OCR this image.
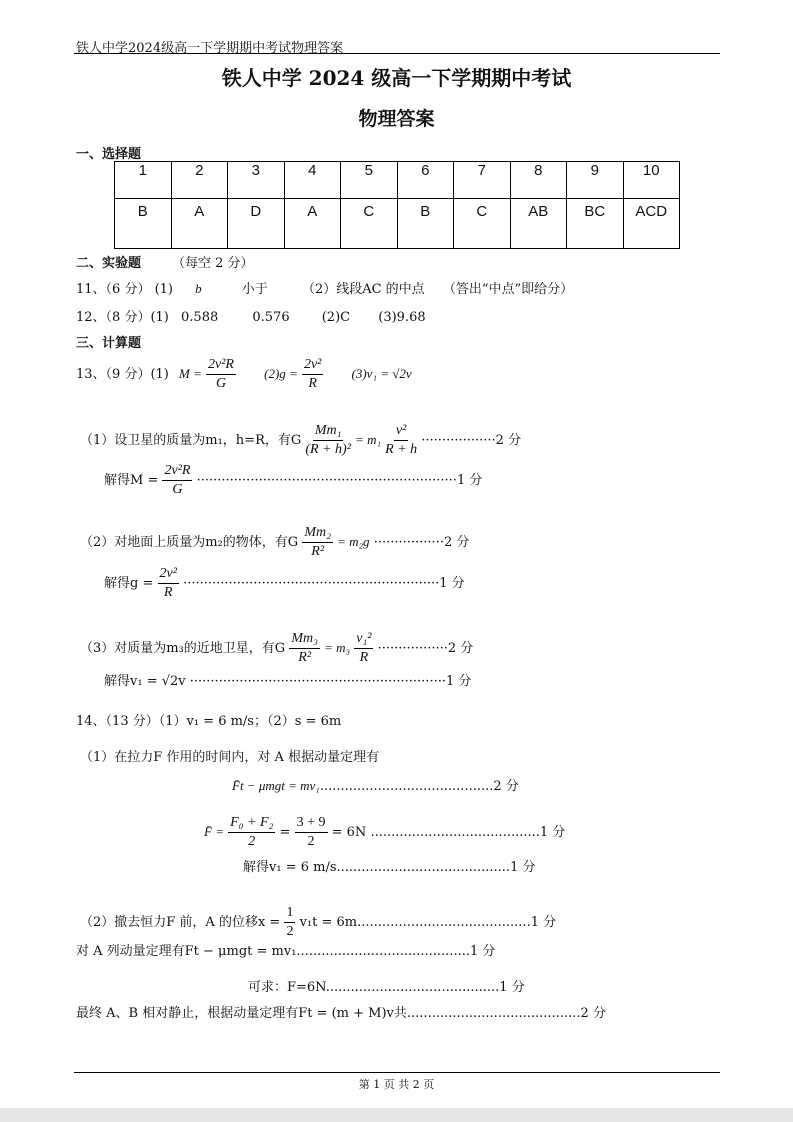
铁人中学2024级高一下学期期中考试物理答案
铁人中学 2024 级高一下学期期中考试
物理答案
一、选择题
1	2	3	4	5	6	7	8	9	10
B	A	D	A	C	B	C	AB	BC	ACD
二、实验题 （每空 2 分）
11、（6 分） (1) b	小于	（2）线段AC 的中点 （答出“中点”即给分）
12、（8 分）(1) 0.588	0.576 (2)C (3)9.68
三、计算题
13、（9 分）(1) $M = \frac{\text{2v²R}}{G} (2)g = \frac{\text{2v²}}{R} (3)v_1 = √2v$
（1）设卫星的质量为m₁，h=R，有G $\frac{\text{Mm₁}}{\text{(R + h)²}} = m_1 \frac{\text{v²}}{R + h} \cdot\cdot\cdot\cdot\cdot\cdot\cdot\cdot\cdot\cdot\cdot\cdot\cdot\cdot\cdot\cdot\cdot\cdot 2$ 分
解得$M = \frac{\text{2v²R}}{G} \cdot\cdot\cdot\cdot\cdot\cdot\cdot\cdot\cdot\cdot\cdot\cdot\cdot\cdot\cdot\cdot\cdot\cdot\cdot\cdot\cdot\cdot\cdot\cdot\cdot\cdot\cdot\cdot\cdot\cdot\cdot\cdot\cdot\cdot\cdot\cdot\cdot\cdot\cdot\cdot\cdot\cdot\cdot\cdot\cdot\cdot\cdot\cdot\cdot\cdot\cdot\cdot\cdot\cdot\cdot\cdot\cdot\cdot\cdot\cdot\cdot\cdot\cdot 1$ 分
（2）对地面上质量为m₂的物体，有G $\frac{\text{Mm₂}}{\text{R²}} = m_2g \cdot\cdot\cdot\cdot\cdot\cdot\cdot\cdot\cdot\cdot\cdot\cdot\cdot\cdot\cdot\cdot\cdot 2$ 分
解得$g = \frac{\text{2v²}}{R} \cdot\cdot\cdot\cdot\cdot\cdot\cdot\cdot\cdot\cdot\cdot\cdot\cdot\cdot\cdot\cdot\cdot\cdot\cdot\cdot\cdot\cdot\cdot\cdot\cdot\cdot\cdot\cdot\cdot\cdot\cdot\cdot\cdot\cdot\cdot\cdot\cdot\cdot\cdot\cdot\cdot\cdot\cdot\cdot\cdot\cdot\cdot\cdot\cdot\cdot\cdot\cdot\cdot\cdot\cdot\cdot\cdot\cdot\cdot\cdot\cdot\cdot 1$ 分
（3）对质量为m₃的近地卫星，有G $\frac{\text{Mm₃}}{\text{R²}} = m_3 \frac{\text{v₁²}}{R} \cdot\cdot\cdot\cdot\cdot\cdot\cdot\cdot\cdot\cdot\cdot\cdot\cdot\cdot\cdot\cdot\cdot 2$ 分
解得v₁ = √2v ······························································1 分
14、（13 分）（1）v₁ = 6 m/s；（2）s = 6m
（1）在拉力F 作用的时间内，对 A 根据动量定理有
F̄t − μmgt = mv₁..........................................2 分
F̄ = $\frac{\text{F₀ + F₂}}{2} = \frac{3 + 9}{2} = 6N$ .........................................1 分
解得v₁ = 6 m/s..........................................1 分
（2）撤去恒力F 前，A 的位移$x = \frac{1}{2} v_1t = 6m..........................................1$ 分
对 A 列动量定理有Ft − μmgt = mv₁..........................................1 分
可求：F=6N..........................................1 分
最终 A、B 相对静止，根据动量定理有Ft = (m + M)v共..........................................2 分
第 1 页 共 2 页
